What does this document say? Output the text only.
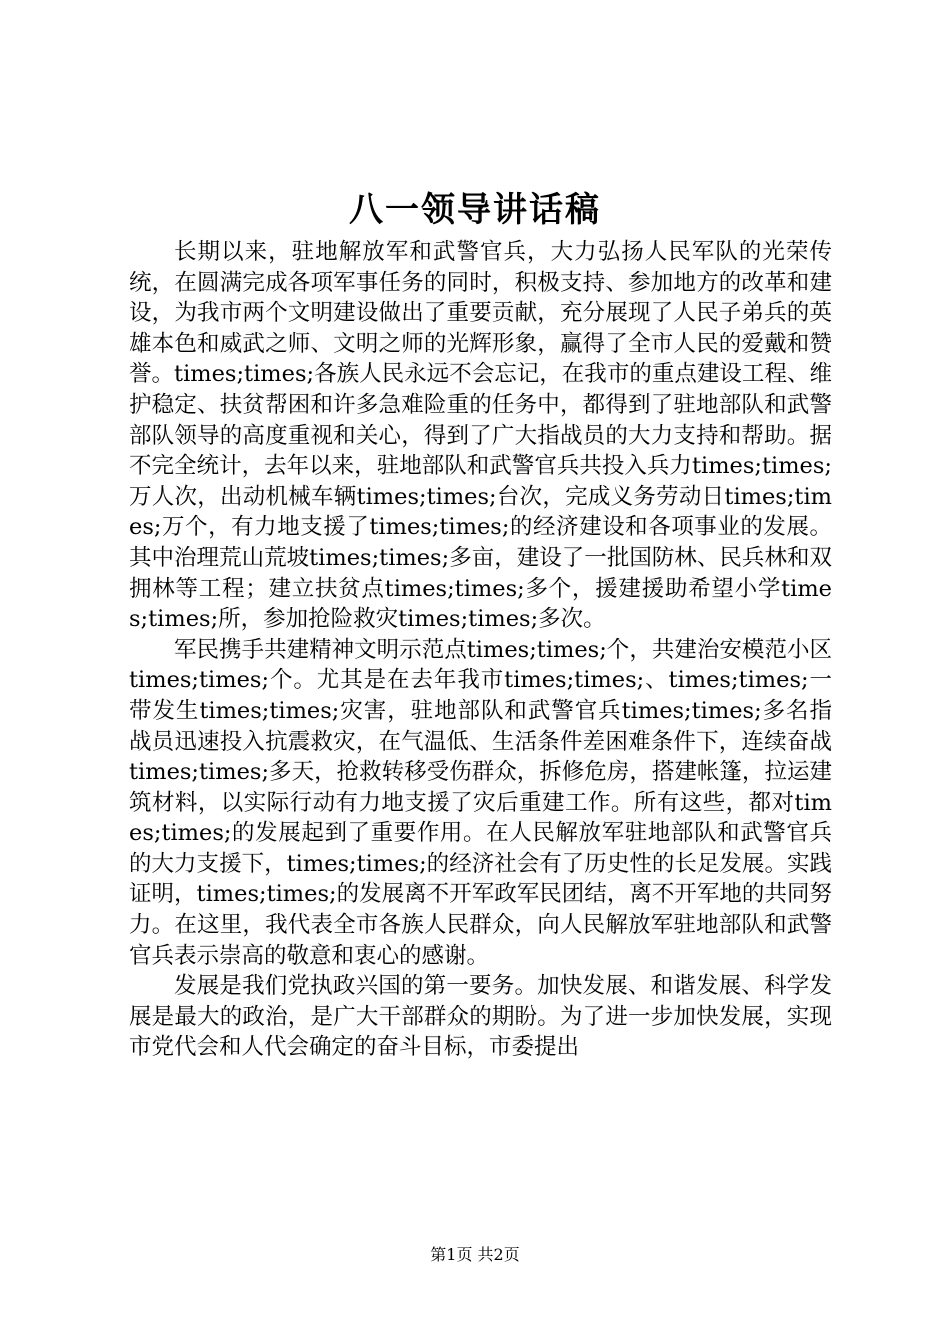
八一领导讲话稿

长期以来，驻地解放军和武警官兵，大力弘扬人民军队的光荣传统，在圆满完成各项军事任务的同时，积极支持、参加地方的改革和建设，为我市两个文明建设做出了重要贡献，充分展现了人民子弟兵的英雄本色和威武之师、文明之师的光辉形象，赢得了全市人民的爱戴和赞誉。times;times;各族人民永远不会忘记，在我市的重点建设工程、维护稳定、扶贫帮困和许多急难险重的任务中，都得到了驻地部队和武警部队领导的高度重视和关心，得到了广大指战员的大力支持和帮助。据不完全统计，去年以来，驻地部队和武警官兵共投入兵力times;times;万人次，出动机械车辆times;times;台次，完成义务劳动日times;times;万个，有力地支援了times;times;的经济建设和各项事业的发展。其中治理荒山荒坡times;times;多亩，建设了一批国防林、民兵林和双拥林等工程；建立扶贫点times;times;多个，援建援助希望小学times;times;所，参加抢险救灾times;times;多次。

军民携手共建精神文明示范点times;times;个，共建治安模范小区times;times;个。尤其是在去年我市times;times;、times;times;一带发生times;times;灾害，驻地部队和武警官兵times;times;多名指战员迅速投入抗震救灾，在气温低、生活条件差困难条件下，连续奋战times;times;多天，抢救转移受伤群众，拆修危房，搭建帐篷，拉运建筑材料，以实际行动有力地支援了灾后重建工作。所有这些，都对times;times;的发展起到了重要作用。在人民解放军驻地部队和武警官兵的大力支援下，times;times;的经济社会有了历史性的长足发展。实践证明，times;times;的发展离不开军政军民团结，离不开军地的共同努力。在这里，我代表全市各族人民群众，向人民解放军驻地部队和武警官兵表示崇高的敬意和衷心的感谢。

发展是我们党执政兴国的第一要务。加快发展、和谐发展、科学发展是最大的政治，是广大干部群众的期盼。为了进一步加快发展，实现市党代会和人代会确定的奋斗目标，市委提出

第1页 共2页
